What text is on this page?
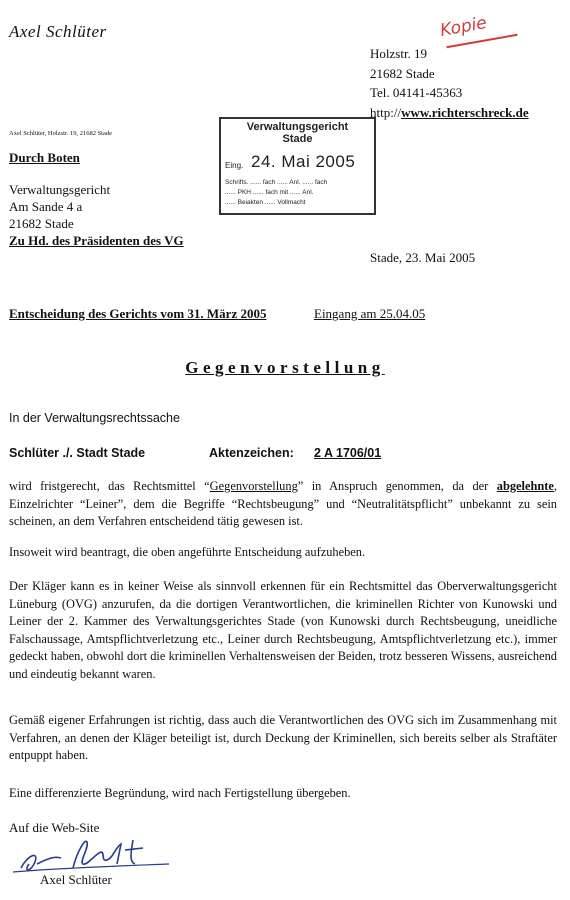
Axel Schlüter	Kopie
Holzstr. 19
21682 Stade
Tel. 04141-45363
http://www.richterschreck.de
Axel Schlüter, Holzstr. 19, 21682 Stade
Durch Boten
Verwaltungsgericht
Am Sande 4 a
21682 Stade
Zu Hd. des Präsidenten des VG
Verwaltungsgericht
Stade
Eing. 24. Mai 2005
Schrifts. ...... fach ...... Anl. ...... fach
...... PKH ...... fach mit ...... Anl.
...... Beiakten ...... Vollmacht
Stade, 23. Mai 2005
Entscheidung des Gerichts vom 31. März 2005	Eingang am 25.04.05
Gegenvorstellung
In der Verwaltungsrechtssache
Schlüter ./. Stadt Stade	Aktenzeichen: 2 A 1706/01
wird fristgerecht, das Rechtsmittel “Gegenvorstellung” in Anspruch genommen, da der abgelehnte, Einzelrichter “Leiner”, dem die Begriffe “Rechtsbeugung” und “Neutralitätspflicht” unbekannt zu sein scheinen, an dem Verfahren entscheidend tätig gewesen ist.
Insoweit wird beantragt, die oben angeführte Entscheidung aufzuheben.
Der Kläger kann es in keiner Weise als sinnvoll erkennen für ein Rechtsmittel das Oberverwaltungsgericht Lüneburg (OVG) anzurufen, da die dortigen Verantwortlichen, die kriminellen Richter von Kunowski und Leiner der 2. Kammer des Verwaltungsgerichtes Stade (von Kunowski durch Rechtsbeugung, uneidliche Falschaussage, Amtspflichtverletzung etc., Leiner durch Rechtsbeugung, Amtspflichtverletzung etc.), immer gedeckt haben, obwohl dort die kriminellen Verhaltensweisen der Beiden, trotz besseren Wissens, ausreichend und eindeutig bekannt waren.
Gemäß eigener Erfahrungen ist richtig, dass auch die Verantwortlichen des OVG sich im Zusammenhang mit Verfahren, an denen der Kläger beteiligt ist, durch Deckung der Kriminellen, sich bereits selber als Straftäter entpuppt haben.
Eine differenzierte Begründung, wird nach Fertigstellung übergeben.
Auf die Web-Site
Axel Schlüter
